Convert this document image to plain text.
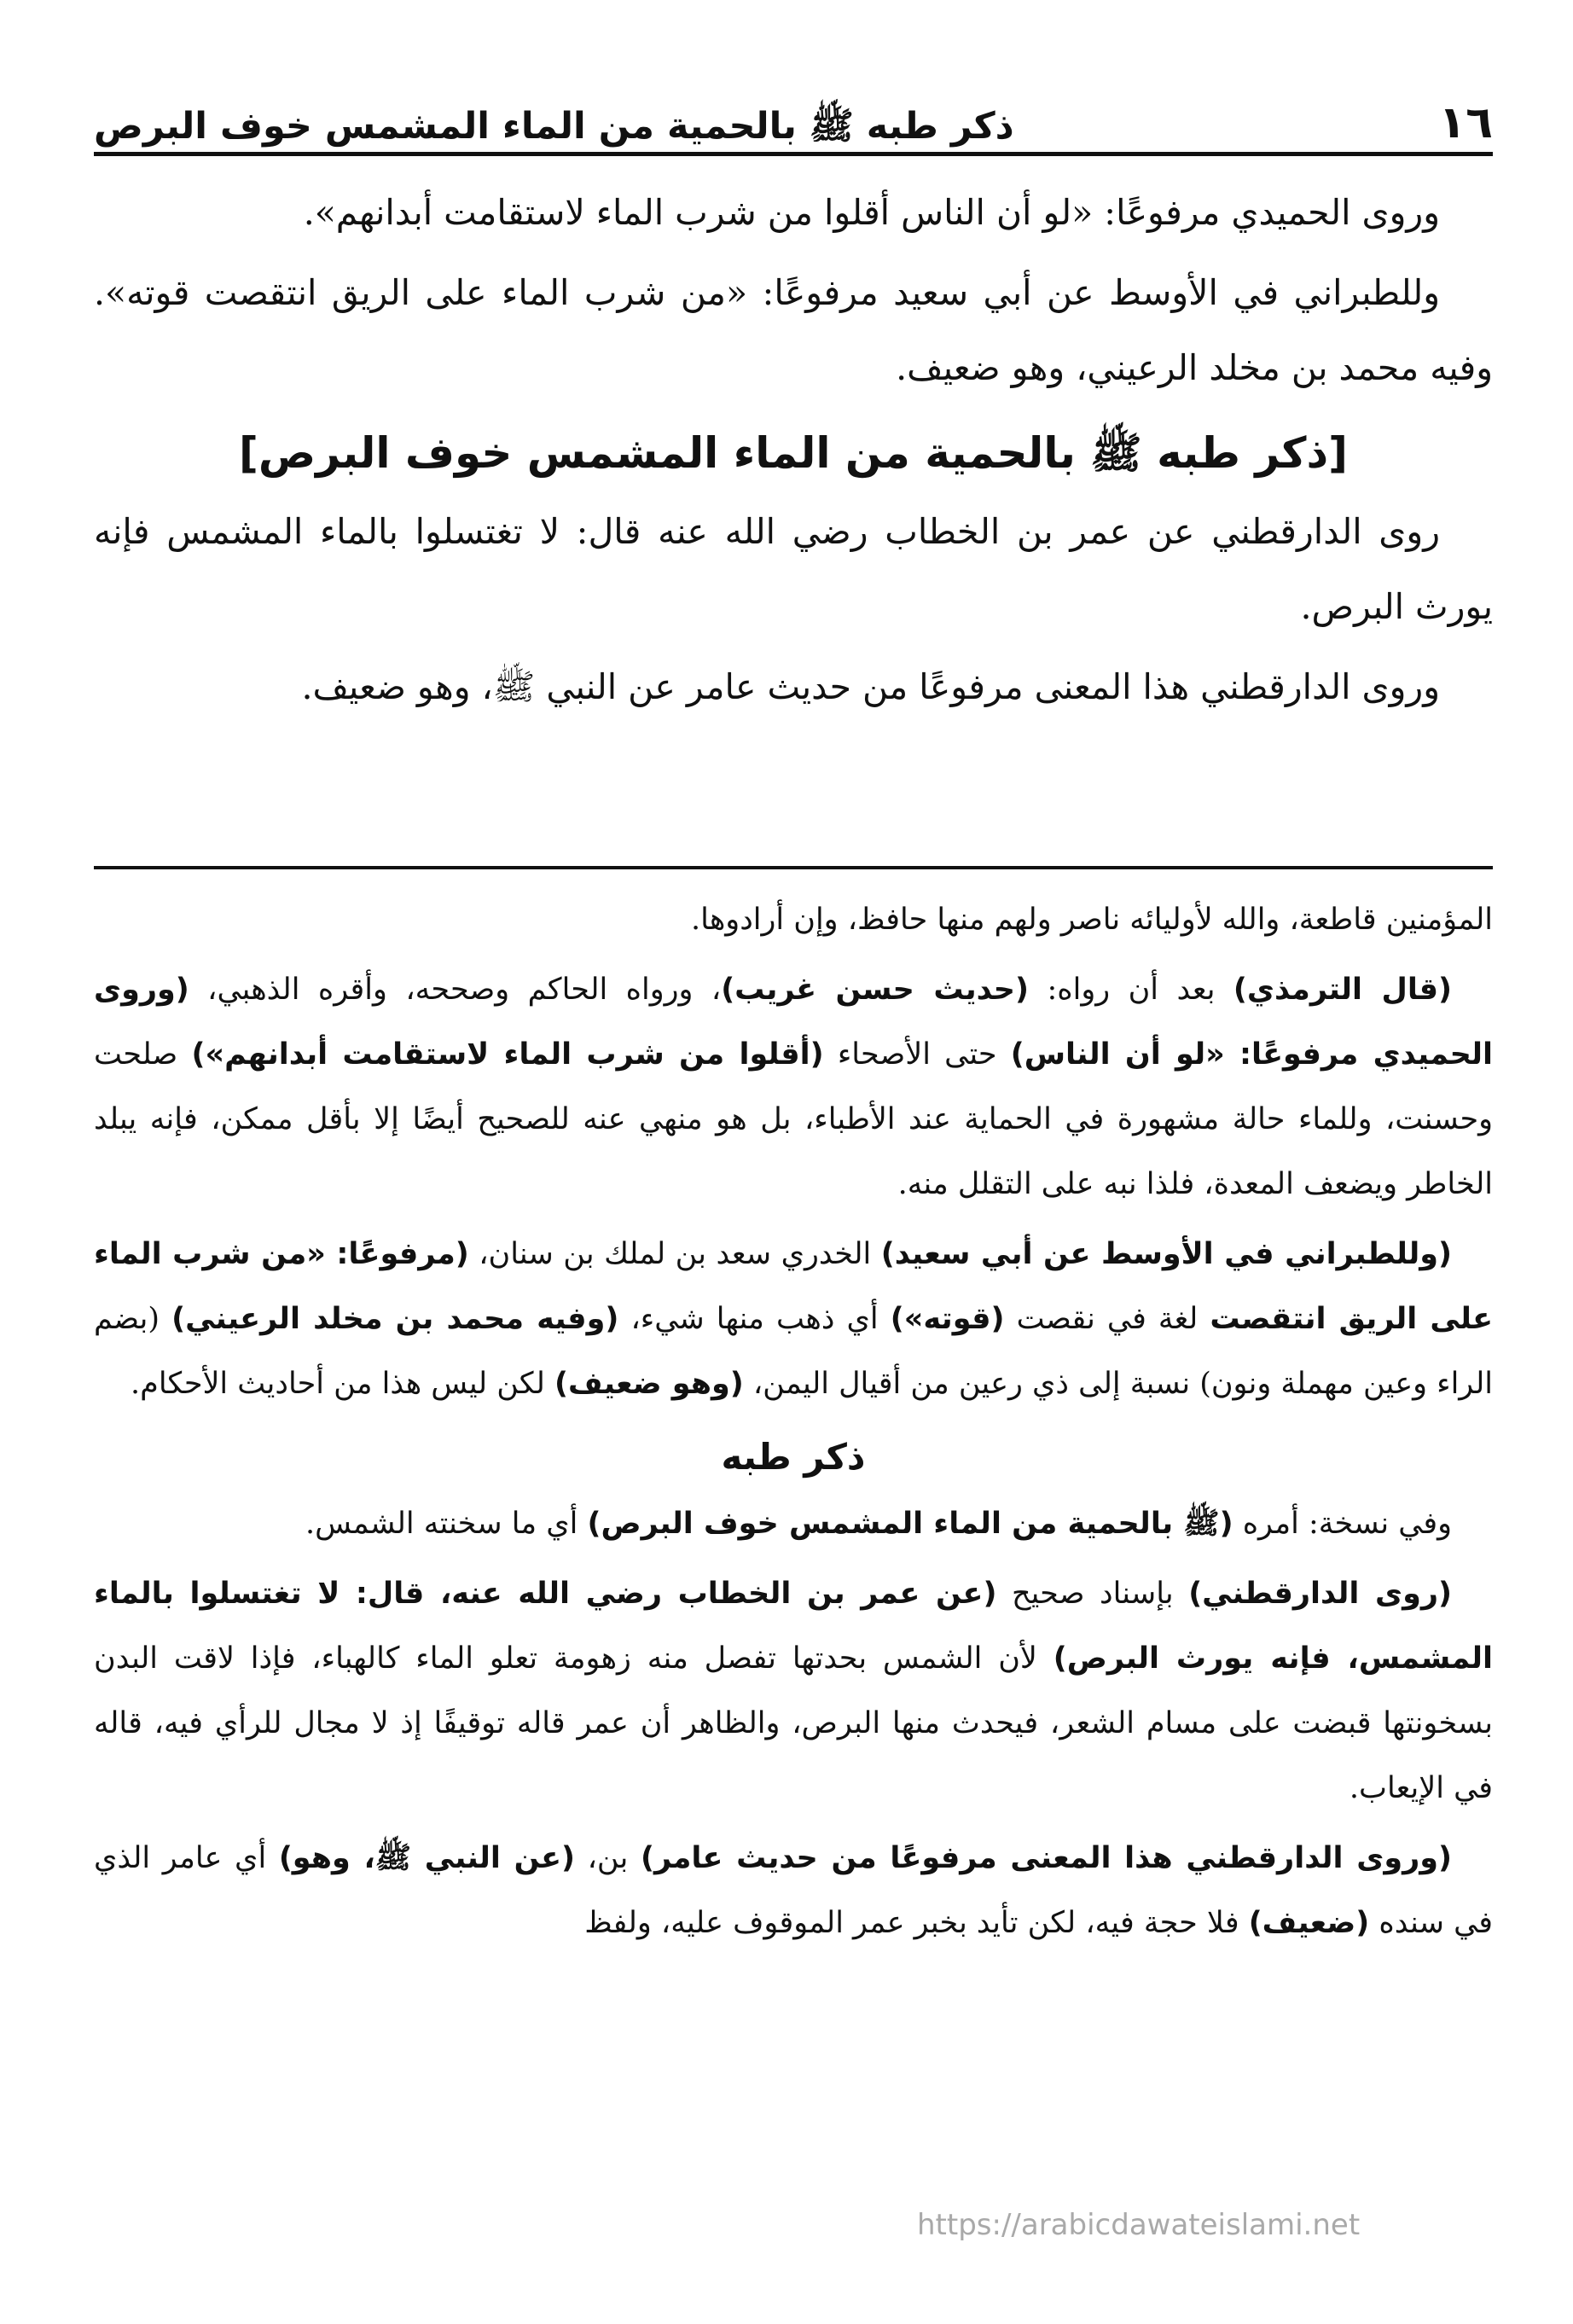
١٦
ذكر طبه ﷺ بالحمية من الماء المشمس خوف البرص

وروى الحميدي مرفوعًا: «لو أن الناس أقلوا من شرب الماء لاستقامت أبدانهم».

وللطبراني في الأوسط عن أبي سعيد مرفوعًا: «من شرب الماء على الريق انتقصت قوته». وفيه محمد بن مخلد الرعيني، وهو ضعيف.

[ذكر طبه ﷺ بالحمية من الماء المشمس خوف البرص]

روى الدارقطني عن عمر بن الخطاب رضي الله عنه قال: لا تغتسلوا بالماء المشمس فإنه يورث البرص.

وروى الدارقطني هذا المعنى مرفوعًا من حديث عامر عن النبي ﷺ، وهو ضعيف.

المؤمنين قاطعة، والله لأوليائه ناصر ولهم منها حافظ، وإن أرادوها.

(قال الترمذي) بعد أن رواه: (حديث حسن غريب)، ورواه الحاكم وصححه، وأقره الذهبي، (وروى الحميدي مرفوعًا: «لو أن الناس) حتى الأصحاء (أقلوا من شرب الماء لاستقامت أبدانهم») صلحت وحسنت، وللماء حالة مشهورة في الحماية عند الأطباء، بل هو منهي عنه للصحيح أيضًا إلا بأقل ممكن، فإنه يبلد الخاطر ويضعف المعدة، فلذا نبه على التقلل منه.

(وللطبراني في الأوسط عن أبي سعيد) الخدري سعد بن لملك بن سنان، (مرفوعًا: «من شرب الماء على الريق انتقصت لغة في نقصت (قوته») أي ذهب منها شيء، (وفيه محمد بن مخلد الرعيني) (بضم الراء وعين مهملة ونون) نسبة إلى ذي رعين من أقيال اليمن، (وهو ضعيف) لكن ليس هذا من أحاديث الأحكام.

ذكر طبه

وفي نسخة: أمره (ﷺ بالحمية من الماء المشمس خوف البرص) أي ما سخنته الشمس.

(روى الدارقطني) بإسناد صحيح (عن عمر بن الخطاب رضي الله عنه، قال: لا تغتسلوا بالماء المشمس، فإنه يورث البرص) لأن الشمس بحدتها تفصل منه زهومة تعلو الماء كالهباء، فإذا لاقت البدن بسخونتها قبضت على مسام الشعر، فيحدث منها البرص، والظاهر أن عمر قاله توقيفًا إذ لا مجال للرأي فيه، قاله في الإيعاب.

(وروى الدارقطني هذا المعنى مرفوعًا من حديث عامر) بن، (عن النبي ﷺ، وهو) أي عامر الذي في سنده (ضعيف) فلا حجة فيه، لكن تأيد بخبر عمر الموقوف عليه، ولفظ

https://arabicdawateislami.net
